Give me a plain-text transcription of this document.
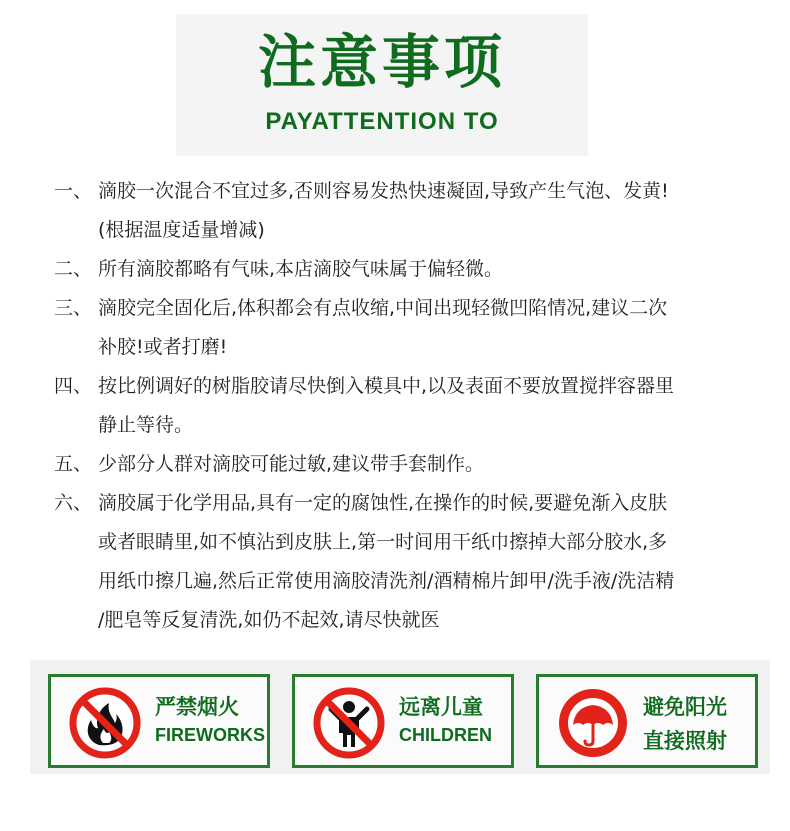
注意事项
PAYATTENTION TO
一、 滴胶一次混合不宜过多,否则容易发热快速凝固,导致产生气泡、发黄!
(根据温度适量增减)
二、 所有滴胶都略有气味,本店滴胶气味属于偏轻微。
三、 滴胶完全固化后,体积都会有点收缩,中间出现轻微凹陷情况,建议二次
补胶!或者打磨!
四、 按比例调好的树脂胶请尽快倒入模具中,以及表面不要放置搅拌容器里
静止等待。
五、 少部分人群对滴胶可能过敏,建议带手套制作。
六、 滴胶属于化学用品,具有一定的腐蚀性,在操作的时候,要避免渐入皮肤
或者眼睛里,如不慎沾到皮肤上,第一时间用干纸巾擦掉大部分胶水,多
用纸巾擦几遍,然后正常使用滴胶清洗剂/酒精棉片卸甲/洗手液/洗洁精
/肥皂等反复清洗,如仍不起效,请尽快就医
严禁烟火
FIREWORKS
远离儿童
CHILDREN
避免阳光
直接照射
